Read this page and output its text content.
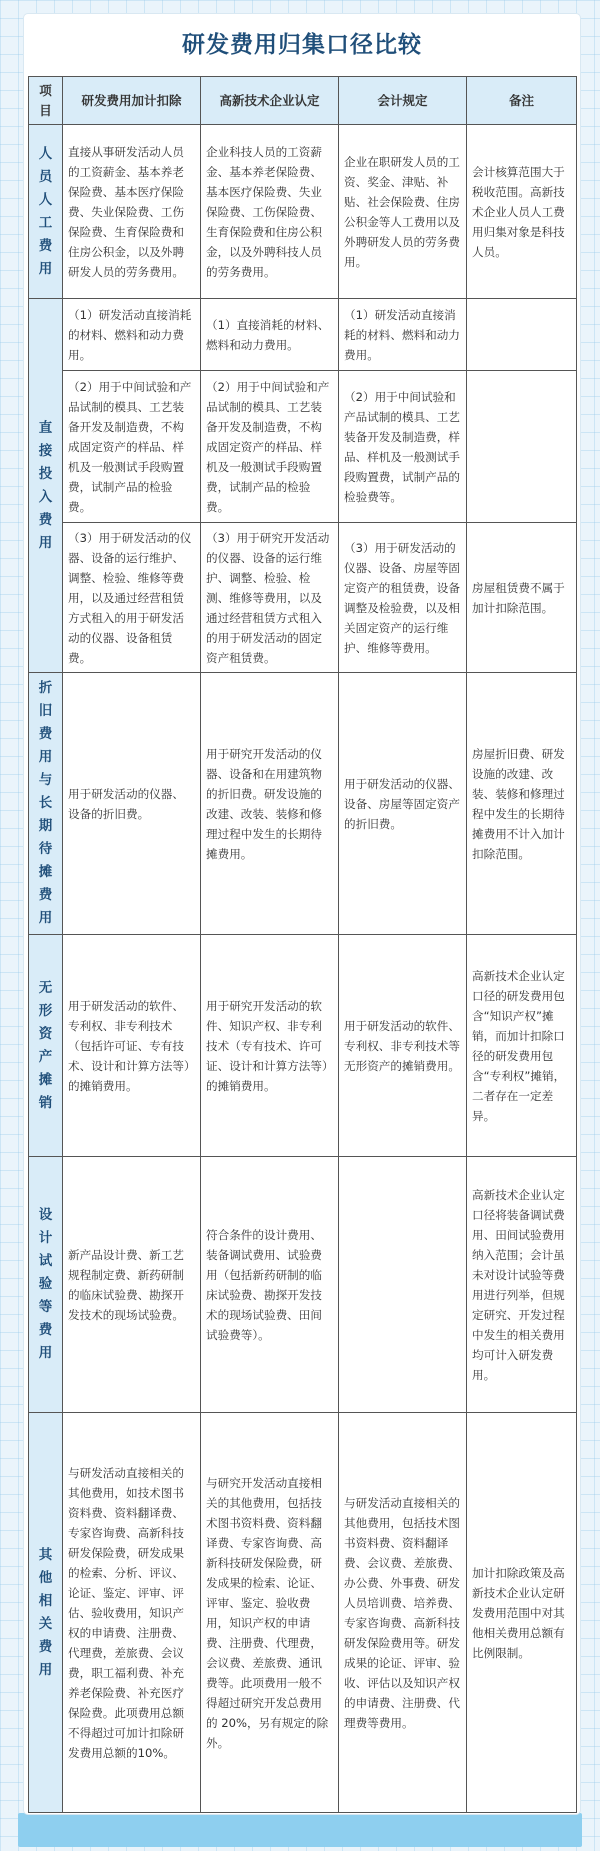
研发费用归集口径比较
项目	研发费用加计扣除	高新技术企业认定	会计规定	备注
人员人工费用	直接从事研发活动人员的工资薪金、基本养老保险费、基本医疗保险费、失业保险费、工伤保险费、生育保险费和住房公积金，以及外聘研发人员的劳务费用。	企业科技人员的工资薪金、基本养老保险费、基本医疗保险费、失业保险费、工伤保险费、生育保险费和住房公积金，以及外聘科技人员的劳务费用。	企业在职研发人员的工资、奖金、津贴、补贴、社会保险费、住房公积金等人工费用以及外聘研发人员的劳务费用。	会计核算范围大于税收范围。高新技术企业人员人工费用归集对象是科技人员。
直接投入费用	（1）研发活动直接消耗的材料、燃料和动力费用。	（1）直接消耗的材料、燃料和动力费用。	（1）研发活动直接消耗的材料、燃料和动力费用。	
	（2）用于中间试验和产品试制的模具、工艺装备开发及制造费，不构成固定资产的样品、样机及一般测试手段购置费，试制产品的检验费。	（2）用于中间试验和产品试制的模具、工艺装备开发及制造费，不构成固定资产的样品、样机及一般测试手段购置费，试制产品的检验费。	（2）用于中间试验和产品试制的模具、工艺装备开发及制造费，样品、样机及一般测试手段购置费，试制产品的检验费等。	
	（3）用于研发活动的仪器、设备的运行维护、调整、检验、维修等费用，以及通过经营租赁方式租入的用于研发活动的仪器、设备租赁费。	（3）用于研究开发活动的仪器、设备的运行维护、调整、检验、检测、维修等费用，以及通过经营租赁方式租入的用于研发活动的固定资产租赁费。	（3）用于研发活动的仪器、设备、房屋等固定资产的租赁费，设备调整及检验费，以及相关固定资产的运行维护、维修等费用。	房屋租赁费不属于加计扣除范围。
折旧费用与长期待摊费用	用于研发活动的仪器、设备的折旧费。	用于研究开发活动的仪器、设备和在用建筑物的折旧费。研发设施的改建、改装、装修和修理过程中发生的长期待摊费用。	用于研发活动的仪器、设备、房屋等固定资产的折旧费。	房屋折旧费、研发设施的改建、改装、装修和修理过程中发生的长期待摊费用不计入加计扣除范围。
无形资产摊销	用于研发活动的软件、专利权、非专利技术（包括许可证、专有技术、设计和计算方法等）的摊销费用。	用于研究开发活动的软件、知识产权、非专利技术（专有技术、许可证、设计和计算方法等）的摊销费用。	用于研发活动的软件、专利权、非专利技术等无形资产的摊销费用。	高新技术企业认定口径的研发费用包含“知识产权”摊销，而加计扣除口径的研发费用包含“专利权”摊销，二者存在一定差异。
设计试验等费用	新产品设计费、新工艺规程制定费、新药研制的临床试验费、勘探开发技术的现场试验费。	符合条件的设计费用、装备调试费用、试验费用（包括新药研制的临床试验费、勘探开发技术的现场试验费、田间试验费等）。		高新技术企业认定口径将装备调试费用、田间试验费用纳入范围；会计虽未对设计试验等费用进行列举，但规定研究、开发过程中发生的相关费用均可计入研发费用。
其他相关费用	与研发活动直接相关的其他费用，如技术图书资料费、资料翻译费、专家咨询费、高新科技研发保险费，研发成果的检索、分析、评议、论证、鉴定、评审、评估、验收费用，知识产权的申请费、注册费、代理费，差旅费、会议费，职工福利费、补充养老保险费、补充医疗保险费。此项费用总额不得超过可加计扣除研发费用总额的10%。	与研究开发活动直接相关的其他费用，包括技术图书资料费、资料翻译费、专家咨询费、高新科技研发保险费，研发成果的检索、论证、评审、鉴定、验收费用，知识产权的申请费、注册费、代理费，会议费、差旅费、通讯费等。此项费用一般不得超过研究开发总费用的 20%，另有规定的除外。	与研发活动直接相关的其他费用，包括技术图书资料费、资料翻译费、会议费、差旅费、办公费、外事费、研发人员培训费、培养费、专家咨询费、高新科技研发保险费用等。研发成果的论证、评审、验收、评估以及知识产权的申请费、注册费、代理费等费用。	加计扣除政策及高新技术企业认定研发费用范围中对其他相关费用总额有比例限制。
